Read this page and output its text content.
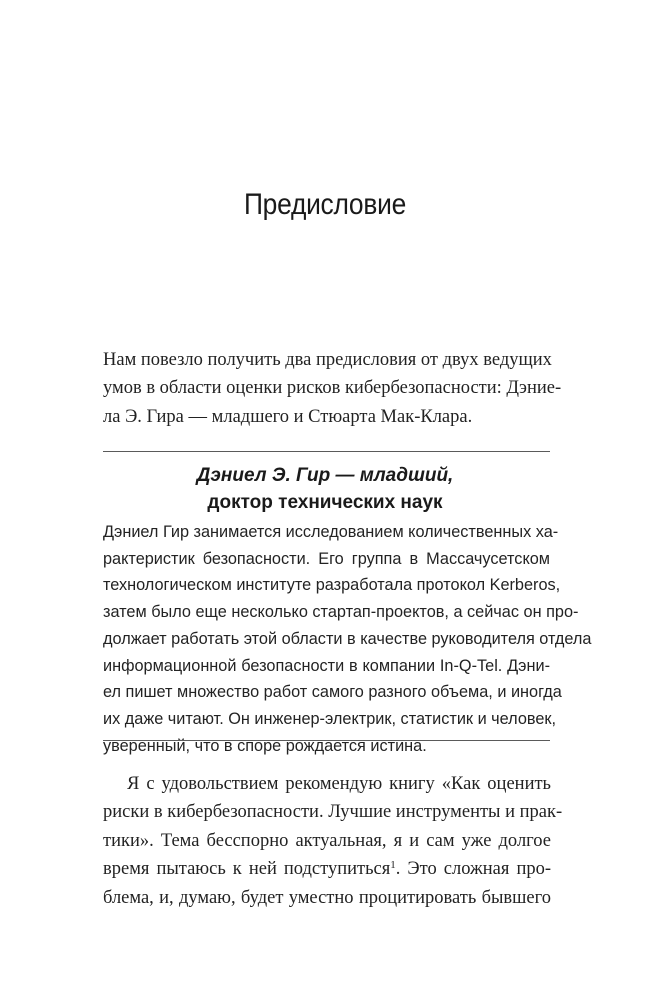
Предисловие

Нам повезло получить два предисловия от двух ведущих
умов в области оценки рисков кибербезопасности: Дэние-
ла Э. Гира — младшего и Стюарта Мак-Клара.

Дэниел Э. Гир — младший,
доктор технических наук

Дэниел Гир занимается исследованием количественных ха-
рактеристик безопасности. Его группа в Массачусетском
технологическом институте разработала протокол Kerberos,
затем было еще несколько стартап-проектов, а сейчас он про-
должает работать этой области в качестве руководителя отдела
информационной безопасности в компании In-Q-Tel. Дэни-
ел пишет множество работ самого разного объема, и иногда
их даже читают. Он инженер-электрик, статистик и человек,
уверенный, что в споре рождается истина.

Я с удовольствием рекомендую книгу «Как оценить
риски в кибербезопасности. Лучшие инструменты и прак-
тики». Тема бесспорно актуальная, я и сам уже долгое
время пытаюсь к ней подступиться$^1$. Это сложная про-
блема, и, думаю, будет уместно процитировать бывшего
